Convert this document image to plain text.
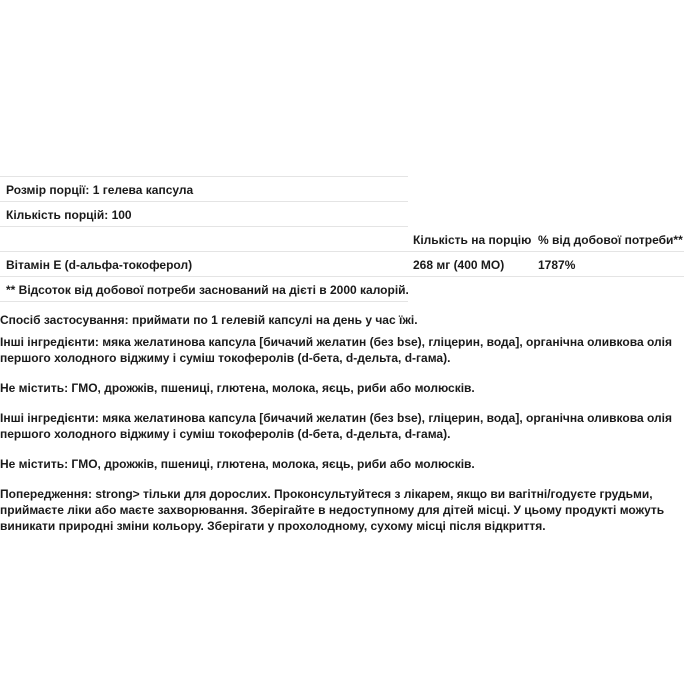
Розмір порції: 1 гелева капсула
Кількість порцій: 100
Кількість на порцію % від добової потреби**
Вітамін Е (d-альфа-токоферол)	268 мг (400 МО)	1787%
** Відсоток від добової потреби заснований на дієті в 2000 калорій.

Спосіб застосування: приймати по 1 гелевій капсулі на день у час їжі.

Інші інгредієнти: мяка желатинова капсула [бичачий желатин (без bse), гліцерин, вода], органічна оливкова олія першого холодного віджиму і суміш токоферолів (d-бета, d-дельта, d-гама).

Не містить: ГМО, дрожжів, пшениці, глютена, молока, яєць, риби або молюсків.

Інші інгредієнти: мяка желатинова капсула [бичачий желатин (без bse), гліцерин, вода], органічна оливкова олія першого холодного віджиму і суміш токоферолів (d-бета, d-дельта, d-гама).

Не містить: ГМО, дрожжів, пшениці, глютена, молока, яєць, риби або молюсків.

Попередження: strong> тільки для дорослих. Проконсультуйтеся з лікарем, якщо ви вагітні/годуєте грудьми, приймаєте ліки або маєте захворювання. Зберігайте в недоступному для дітей місці. У цьому продукті можуть виникати природні зміни кольору. Зберігати у прохолодному, сухому місці після відкриття.
